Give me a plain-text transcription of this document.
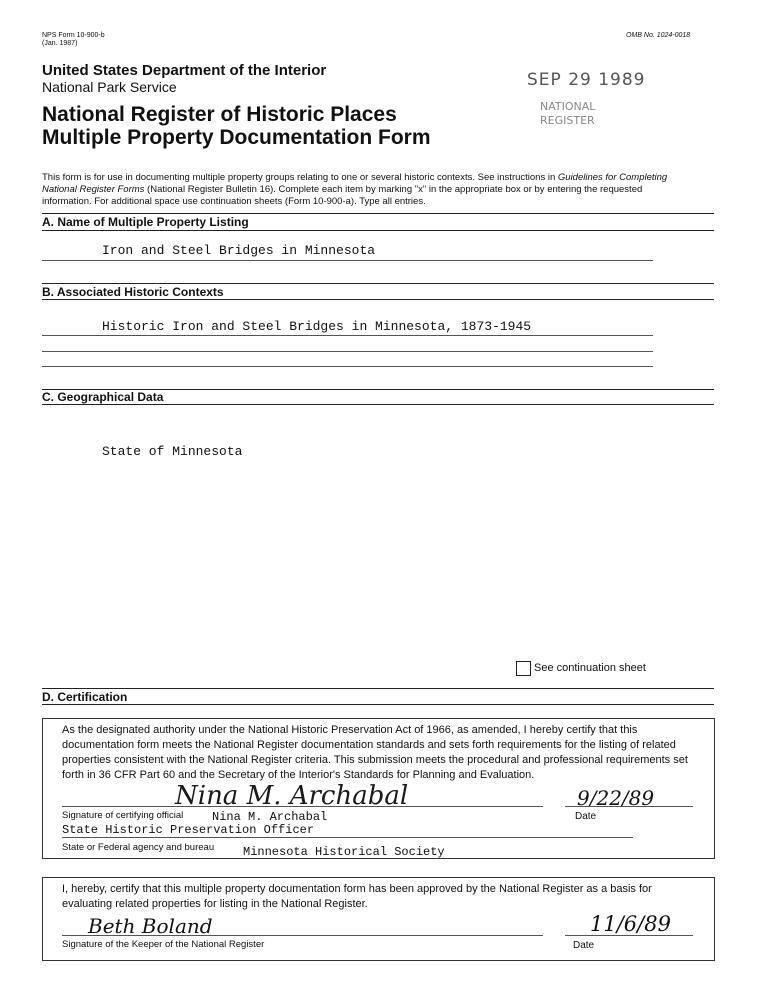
NPS Form 10-900-b
(Jan. 1987)
OMB No. 1024-0018
United States Department of the Interior
National Park Service
National Register of Historic Places
Multiple Property Documentation Form
SEP 29 1989
NATIONAL
REGISTER
This form is for use in documenting multiple property groups relating to one or several historic contexts. See instructions in Guidelines for Completing National Register Forms (National Register Bulletin 16). Complete each item by marking "x" in the appropriate box or by entering the requested information. For additional space use continuation sheets (Form 10-900-a). Type all entries.
A. Name of Multiple Property Listing
Iron and Steel Bridges in Minnesota
B. Associated Historic Contexts
Historic Iron and Steel Bridges in Minnesota, 1873-1945
C. Geographical Data
State of Minnesota
See continuation sheet
D. Certification
As the designated authority under the National Historic Preservation Act of 1966, as amended, I hereby certify that this documentation form meets the National Register documentation standards and sets forth requirements for the listing of related properties consistent with the National Register criteria. This submission meets the procedural and professional requirements set forth in 36 CFR Part 60 and the Secretary of the Interior's Standards for Planning and Evaluation.
Nina M. Archabal	9/22/89
Signature of certifying official Nina M. Archabal	Date
State Historic Preservation Officer
State or Federal agency and bureau Minnesota Historical Society
I, hereby, certify that this multiple property documentation form has been approved by the National Register as a basis for evaluating related properties for listing in the National Register.
Beth Boland	11/6/89
Signature of the Keeper of the National Register	Date
